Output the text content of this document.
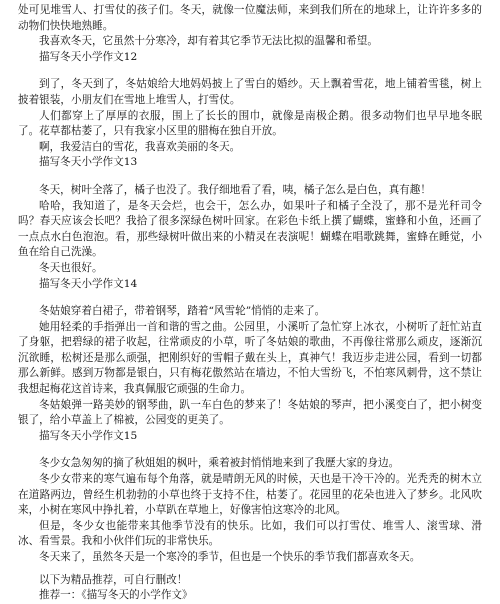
处可见堆雪人、打雪仗的孩子们。冬天，就像一位魔法师，来到我们所在的地球上，让许许多多的动物们快快地熟睡。

我喜欢冬天，它虽然十分寒冷，却有着其它季节无法比拟的温馨和希望。

描写冬天小学作文12

到了，冬天到了，冬姑娘给大地妈妈披上了雪白的婚纱。天上飘着雪花，地上铺着雪毯，树上披着银装，小朋友们在雪地上堆雪人，打雪仗。

人们都穿上了厚厚的衣服，围上了长长的围巾，就像是南极企鹅。很多动物们也早早地冬眠了。花草都枯萎了，只有我家小区里的腊梅在独自开放。

啊，我爱洁白的雪花，我喜欢美丽的冬天。

描写冬天小学作文13

冬天，树叶全落了，橘子也没了。我仔细地看了看，咦，橘子怎么是白色，真有趣！

哈哈，我知道了，是冬天会烂，也会干，怎么办，如果叶子和橘子全没了，那不是光秆司令吗？春天应该会长吧？我拾了很多深绿色树叶回家。在彩色卡纸上撰了蝴蝶，蜜蜂和小鱼，还画了一点点水白色泡泡。看，那些绿树叶做出来的小精灵在表演呢！蝴蝶在唱歌跳舞，蜜蜂在睡觉，小鱼在给自己洗澡。

冬天也很好。

描写冬天小学作文14

冬姑娘穿着白裙子，带着钢琴，踏着“风雪轮”悄悄的走来了。

她用轻柔的手指弹出一首和谐的雪之曲。公园里，小溪听了急忙穿上冰衣，小树听了赶忙站直了身躯，把碧绿的裙子收起，往常顽皮的小草，听了冬姑娘的歌曲，不再像往常那么顽皮，逐渐沉沉欲睡，松树还是那么顽强，把刚织好的雪帽子戴在头上，真神气！我迈步走进公园，看到一切都那么新鲜。感到万物都是银白，只有梅花傲然站在墙边，不怕大雪纷飞，不怕寒风刺骨，这不禁让我想起梅花这首诗来，我真佩服它顽强的生命力。

冬姑娘弹一路美妙的钢琴曲，趴一车白色的梦来了！冬姑娘的琴声，把小溪变白了，把小树变银了，给小草盖上了棉被，公园变的更美了。

描写冬天小学作文15

冬少女急匆匆的摘了秋姐姐的枫叶，乘着被封悄悄地来到了我歷大家的身边。

冬少女带来的寒气遍布每个角落，就是晴朗无风的时候，天也是干冷干冷的。光秃秃的树木立在道路两边，曾经生机勃勃的小草也终于支持不住，枯萎了。花园里的花朵也进入了梦乡。北风吹来，小树在寒风中挣扎着，小草趴在草地上，好像害怕这寒冷的北风。

但是，冬少女也能带来其他季节没有的快乐。比如，我们可以打雪仗、堆雪人、滚雪球、滑冰、看雪景。我和小伙伴们玩的非常快乐。

冬天来了，虽然冬天是一个寒冷的季节，但也是一个快乐的季节我们都喜欢冬天。

以下为精品推荐，可自行删改！

推荐一：《描写冬天的小学作文》
